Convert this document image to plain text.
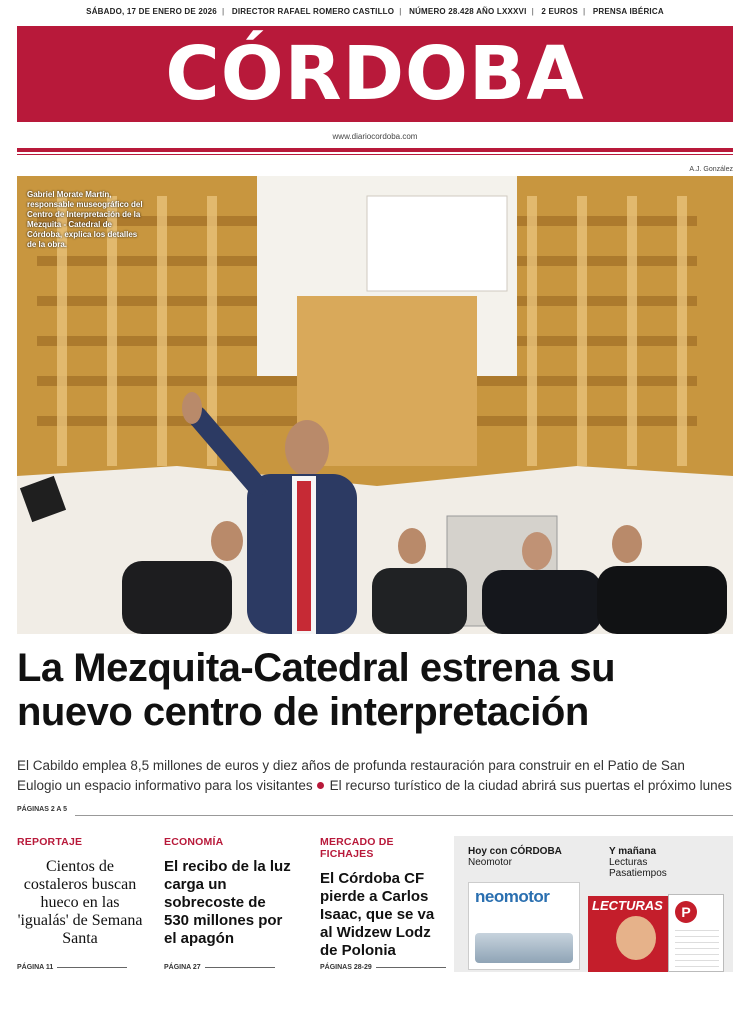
SÁBADO, 17 DE ENERO DE 2026 | DIRECTOR RAFAEL ROMERO CASTILLO | NÚMERO 28.428 AÑO LXXXVI | 2 EUROS | PRENSA IBÉRICA
CÓRDOBA
www.diariocordoba.com
A.J. González
Gabriel Morate Martín, responsable museográfico del Centro de Interpretación de la Mezquita - Catedral de Córdoba, explica los detalles de la obra.
La Mezquita-Catedral estrena su nuevo centro de interpretación

El Cabildo emplea 8,5 millones de euros y diez años de profunda restauración para construir en el Patio de San Eulogio un espacio informativo para los visitantes El recurso turístico de la ciudad abrirá sus puertas el próximo lunes

PÁGINAS 2 A 5
REPORTAJE
Cientos de costaleros buscan hueco en las 'igualás' de Semana Santa
PÁGINA 11
ECONOMÍA
El recibo de la luz carga un sobrecoste de 530 millones por el apagón
PÁGINA 27
MERCADO DE FICHAJES
El Córdoba CF pierde a Carlos Isaac, que se va al Widzew Lodz de Polonia
PÁGINAS 28-29
Hoy con CÓRDOBA
Neomotor
Y mañana
Lecturas
Pasatiempos
neomotor	LECTURAS	P
